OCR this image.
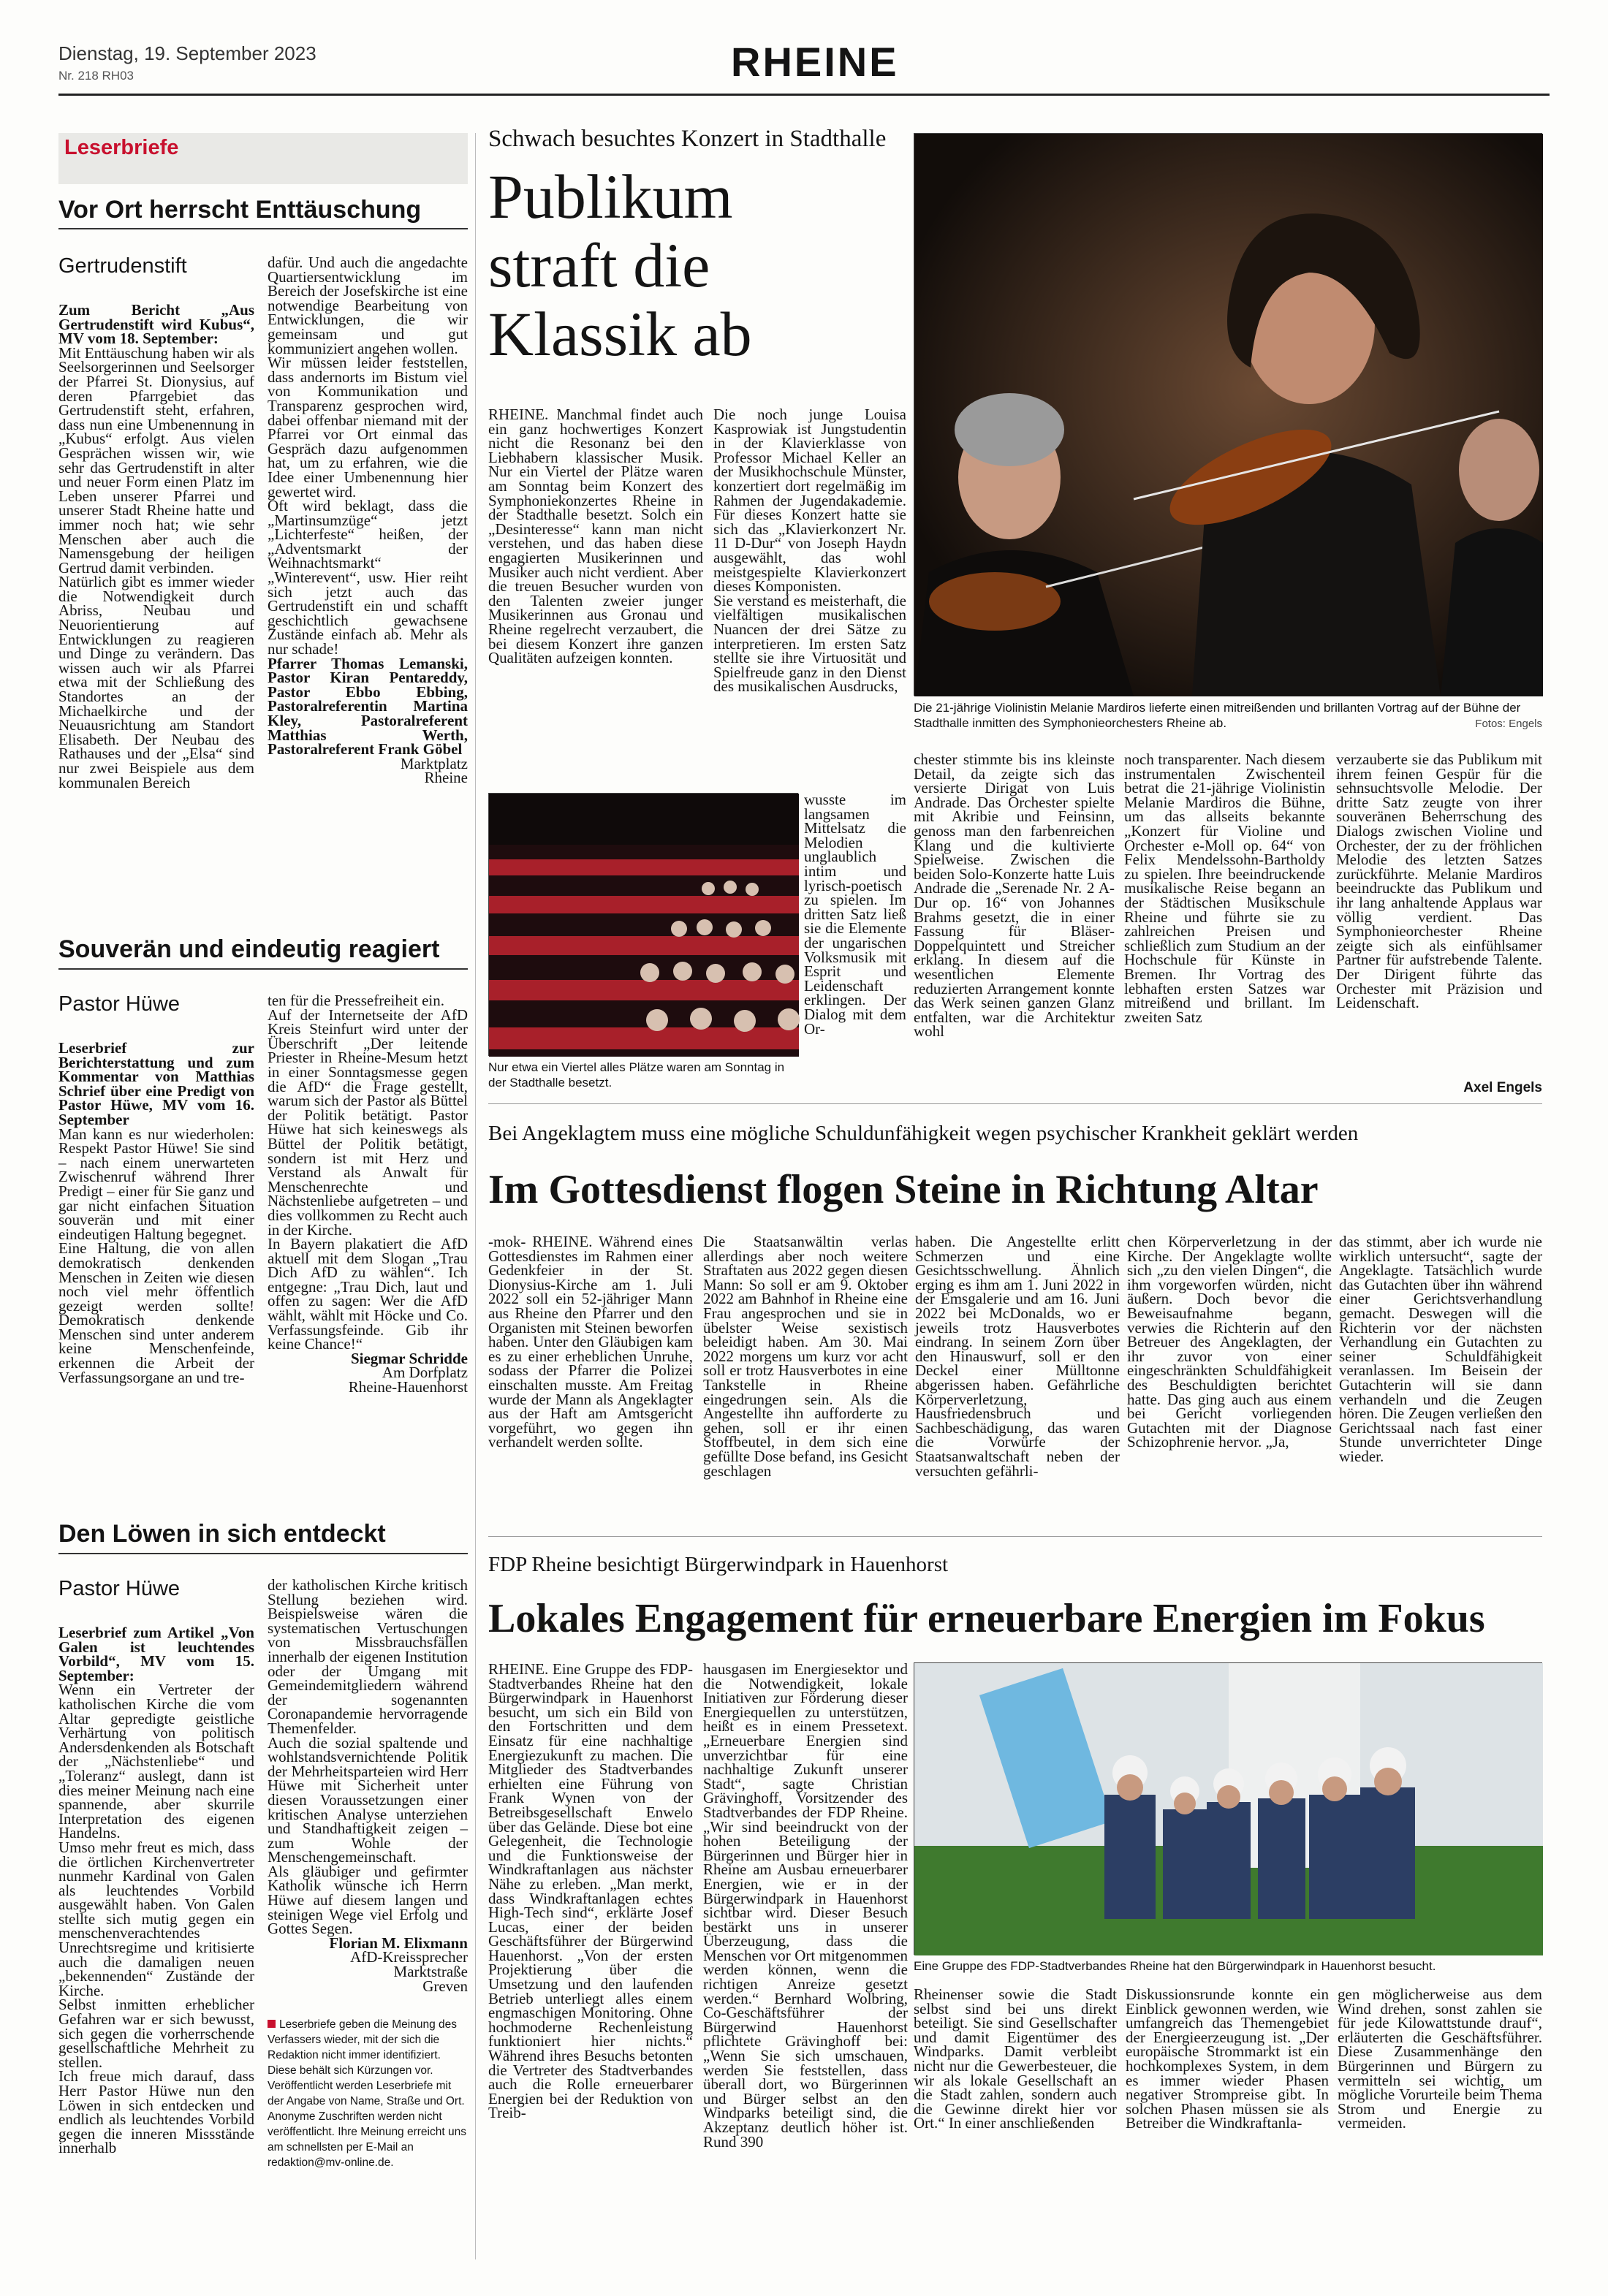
Dienstag, 19. September 2023
Nr. 218 RH03	RHEINE
Leserbriefe
Vor Ort herrscht Enttäuschung
Gertrudenstift

Zum Bericht „Aus Gertrudenstift wird Kubus“, MV vom 18. September:

Mit Enttäuschung haben wir als Seelsorgerinnen und Seelsorger der Pfarrei St. Dionysius, auf deren Pfarrgebiet das Gertrudenstift steht, erfahren, dass nun eine Umbenennung in „Kubus“ erfolgt. Aus vielen Gesprächen wissen wir, wie sehr das Gertrudenstift in alter und neuer Form einen Platz im Leben unserer Pfarrei und unserer Stadt Rheine hatte und immer noch hat; wie sehr Menschen aber auch die Namensgebung der heiligen Gertrud damit verbinden.

Natürlich gibt es immer wieder die Notwendigkeit durch Abriss, Neubau und Neuorientierung auf Entwicklungen zu reagieren und Dinge zu verändern. Das wissen auch wir als Pfarrei etwa mit der Schließung des Standortes an der Michaelkirche und der Neuausrichtung am Standort Elisabeth. Der Neubau des Rathauses und der „Elsa“ sind nur zwei Beispiele aus dem kommunalen Bereich

dafür. Und auch die angedachte Quartiersentwicklung im Bereich der Josefskirche ist eine notwendige Bearbeitung von Entwicklungen, die wir gemeinsam und gut kommuniziert angehen wollen.

Wir müssen leider feststellen, dass andernorts im Bistum viel von Kommunikation und Transparenz gesprochen wird, dabei offenbar niemand mit der Pfarrei vor Ort einmal das Gespräch dazu aufgenommen hat, um zu erfahren, wie die Idee einer Umbenennung hier gewertet wird.

Oft wird beklagt, dass die „Martinsumzüge“ jetzt „Lichterfeste“ heißen, der „Adventsmarkt der Weihnachtsmarkt“ „Winterevent“, usw. Hier reiht sich jetzt auch das Gertrudenstift ein und schafft geschichtlich gewachsene Zustände einfach ab. Mehr als nur schade!

Pfarrer Thomas Lemanski, Pastor Kiran Pentareddy, Pastor Ebbo Ebbing, Pastoralreferentin Martina Kley, Pastoralreferent Matthias Werth, Pastoralreferent Frank Göbel

Marktplatz

Rheine

Souverän und eindeutig reagiert
Pastor Hüwe

Leserbrief zur Berichterstattung und zum Kommentar von Matthias Schrief über eine Predigt von Pastor Hüwe, MV vom 16. September

Man kann es nur wiederholen: Respekt Pastor Hüwe! Sie sind – nach einem unerwarteten Zwischenruf während Ihrer Predigt – einer für Sie ganz und gar nicht einfachen Situation souverän und mit einer eindeutigen Haltung begegnet.

Eine Haltung, die von allen demokratisch denkenden Menschen in Zeiten wie diesen noch viel mehr öffentlich gezeigt werden sollte! Demokratisch denkende Menschen sind unter anderem keine Menschenfeinde, erkennen die Arbeit der Verfassungsorgane an und tre-

ten für die Pressefreiheit ein.

Auf der Internetseite der AfD Kreis Steinfurt wird unter der Überschrift „Der leitende Priester in Rheine-Mesum hetzt in einer Sonntagsmesse gegen die AfD“ die Frage gestellt, warum sich der Pastor als Büttel der Politik betätigt. Pastor Hüwe hat sich keineswegs als Büttel der Politik betätigt, sondern ist mit Herz und Verstand als Anwalt für Menschenrechte und Nächstenliebe aufgetreten – und dies vollkommen zu Recht auch in der Kirche.

In Bayern plakatiert die AfD aktuell mit dem Slogan „Trau Dich AfD zu wählen“. Ich entgegne: „Trau Dich, laut und offen zu sagen: Wer die AfD wählt, wählt mit Höcke und Co. Verfassungsfeinde. Gib ihr keine Chance!“

Siegmar Schridde

Am Dorfplatz

Rheine-Hauenhorst

Den Löwen in sich entdeckt
Pastor Hüwe

Leserbrief zum Artikel „Von Galen ist leuchtendes Vorbild“, MV vom 15. September:

Wenn ein Vertreter der katholischen Kirche die vom Altar gepredigte geistliche Verhärtung von politisch Andersdenkenden als Botschaft der „Nächstenliebe“ und „Toleranz“ auslegt, dann ist dies meiner Meinung nach eine spannende, aber skurrile Interpretation des eigenen Handelns.

Umso mehr freut es mich, dass die örtlichen Kirchenvertreter nunmehr Kardinal von Galen als leuchtendes Vorbild ausgewählt haben. Von Galen stellte sich mutig gegen ein menschenverachtendes Unrechtsregime und kritisierte auch die damaligen neuen „bekennenden“ Zustände der Kirche.

Selbst inmitten erheblicher Gefahren war er sich bewusst, sich gegen die vorherrschende gesellschaftliche Mehrheit zu stellen.

Ich freue mich darauf, dass Herr Pastor Hüwe nun den Löwen in sich entdecken und endlich als leuchtendes Vorbild gegen die inneren Missstände innerhalb

der katholischen Kirche kritisch Stellung beziehen wird. Beispielsweise wären die systematischen Vertuschungen von Missbrauchsfällen innerhalb der eigenen Institution oder der Umgang mit Gemeindemitgliedern während der sogenannten Coronapandemie hervorragende Themenfelder.

Auch die sozial spaltende und wohlstandsvernichtende Politik der Mehrheitsparteien wird Herr Hüwe mit Sicherheit unter diesen Voraussetzungen einer kritischen Analyse unterziehen und Standhaftigkeit zeigen – zum Wohle der Menschengemeinschaft.

Als gläubiger und gefirmter Katholik wünsche ich Herrn Hüwe auf diesem langen und steinigen Wege viel Erfolg und Gottes Segen.

Florian M. Elixmann

AfD-Kreissprecher

Marktstraße

Greven

Leserbriefe geben die Meinung des Verfassers wieder, mit der sich die Redaktion nicht immer identifiziert. Diese behält sich Kürzungen vor. Veröffentlicht werden Leserbriefe mit der Angabe von Name, Straße und Ort. Anonyme Zuschriften werden nicht veröffentlicht. Ihre Meinung erreicht uns am schnellsten per E-Mail an redaktion@mv-online.de.
Schwach besuchtes Konzert in Stadthalle
Publikum
straft die
Klassik ab
Die 21-jährige Violinistin Melanie Mardiros lieferte einen mitreißenden und brillanten Vortrag auf der Bühne der Stadthalle inmitten des Symphonieorchesters Rheine ab.	Fotos: Engels
RHEINE. Manchmal findet auch ein ganz hochwertiges Konzert nicht die Resonanz bei den Liebhabern klassischer Musik. Nur ein Viertel der Plätze waren am Sonntag beim Konzert des Symphoniekonzertes Rheine in der Stadthalle besetzt. Solch ein „Desinteresse“ kann man nicht verstehen, und das haben diese engagierten Musikerinnen und Musiker auch nicht verdient. Aber die treuen Besucher wurden von den Talenten zweier junger Musikerinnen aus Gronau und Rheine regelrecht verzaubert, die bei diesem Konzert ihre ganzen Qualitäten aufzeigen konnten.

Die noch junge Louisa Kasprowiak ist Jungstudentin in der Klavierklasse von Professor Michael Keller an der Musikhochschule Münster, konzertiert dort regelmäßig im Rahmen der Jugendakademie. Für dieses Konzert hatte sie sich das „Klavierkonzert Nr. 11 D-Dur“ von Joseph Haydn ausgewählt, das wohl meistgespielte Klavierkonzert dieses Komponisten.

Sie verstand es meisterhaft, die vielfältigen musikalischen Nuancen der drei Sätze zu interpretieren. Im ersten Satz stellte sie ihre Virtuosität und Spielfreude ganz in den Dienst des musikalischen Ausdrucks,

Nur etwa ein Viertel alles Plätze waren am Sonntag in der Stadthalle besetzt.
wusste im langsamen Mittelsatz die Melodien unglaublich intim und lyrisch-poetisch zu spielen. Im dritten Satz ließ sie die Elemente der ungarischen Volksmusik mit Esprit und Leidenschaft erklingen. Der Dialog mit dem Or-
chester stimmte bis ins kleinste Detail, da zeigte sich das versierte Dirigat von Luis Andrade. Das Orchester spielte mit Akribie und Feinsinn, genoss man den farbenreichen Klang und die kultivierte Spielweise. Zwischen die beiden Solo-Konzerte hatte Luis Andrade die „Serenade Nr. 2 A-Dur op. 16“ von Johannes Brahms gesetzt, die in einer Fassung für Bläser-Doppelquintett und Streicher erklang. In diesem auf die wesentlichen Elemente reduzierten Arrangement konnte das Werk seinen ganzen Glanz entfalten, war die Architektur wohl
noch transparenter. Nach diesem instrumentalen Zwischenteil betrat die 21-jährige Violinistin Melanie Mardiros die Bühne, um das allseits bekannte „Konzert für Violine und Orchester e-Moll op. 64“ von Felix Mendelssohn-Bartholdy zu spielen. Ihre beeindruckende musikalische Reise begann an der Städtischen Musikschule Rheine und führte sie zu zahlreichen Preisen und schließlich zum Studium an der Hochschule für Künste in Bremen. Ihr Vortrag des lebhaften ersten Satzes war mitreißend und brillant. Im zweiten Satz
verzauberte sie das Publikum mit ihrem feinen Gespür für die sehnsuchtsvolle Melodie. Der dritte Satz zeugte von ihrer souveränen Beherrschung des Dialogs zwischen Violine und Orchester, der zu der fröhlichen Melodie des letzten Satzes zurückführte. Melanie Mardiros beeindruckte das Publikum und ihr lang anhaltende Applaus war völlig verdient. Das Symphonieorchester Rheine zeigte sich als einfühlsamer Partner für aufstrebende Talente. Der Dirigent führte das Orchester mit Präzision und Leidenschaft.
Axel Engels
Bei Angeklagtem muss eine mögliche Schuldunfähigkeit wegen psychischer Krankheit geklärt werden
Im Gottesdienst flogen Steine in Richtung Altar
-mok- RHEINE. Während eines Gottesdienstes im Rahmen einer Gedenkfeier in der St. Dionysius-Kirche am 1. Juli 2022 soll ein 52-jähriger Mann aus Rheine den Pfarrer und den Organisten mit Steinen beworfen haben. Unter den Gläubigen kam es zu einer erheblichen Unruhe, sodass der Pfarrer die Polizei einschalten musste. Am Freitag wurde der Mann als Angeklagter aus der Haft am Amtsgericht vorgeführt, wo gegen ihn verhandelt werden sollte.
Die Staatsanwältin verlas allerdings aber noch weitere Straftaten aus 2022 gegen diesen Mann: So soll er am 9. Oktober 2022 am Bahnhof in Rheine eine Frau angesprochen und sie in übelster Weise sexistisch beleidigt haben. Am 30. Mai 2022 morgens um kurz vor acht soll er trotz Hausverbotes in eine Tankstelle in Rheine eingedrungen sein. Als die Angestellte ihn aufforderte zu gehen, soll er ihr einen Stoffbeutel, in dem sich eine gefüllte Dose befand, ins Gesicht geschlagen
haben. Die Angestellte erlitt Schmerzen und eine Gesichtsschwellung. Ähnlich erging es ihm am 1. Juni 2022 in der Emsgalerie und am 16. Juni 2022 bei McDonalds, wo er jeweils trotz Hausverbotes eindrang. In seinem Zorn über den Hinauswurf, soll er den Deckel einer Mülltonne abgerissen haben. Gefährliche Körperverletzung, Hausfriedensbruch und Sachbeschädigung, das waren die Vorwürfe der Staatsanwaltschaft neben der versuchten gefährli-
chen Körperverletzung in der Kirche. Der Angeklagte wollte sich „zu den vielen Dingen“, die ihm vorgeworfen würden, nicht äußern. Doch bevor die Beweisaufnahme begann, verwies die Richterin auf den Betreuer des Angeklagten, der ihr zuvor von einer eingeschränkten Schuldfähigkeit des Beschuldigten berichtet hatte. Das ging auch aus einem bei Gericht vorliegenden Gutachten mit der Diagnose Schizophrenie hervor. „Ja,
das stimmt, aber ich wurde nie wirklich untersucht“, sagte der Angeklagte. Tatsächlich wurde das Gutachten über ihn während einer Gerichtsverhandlung gemacht. Deswegen will die Richterin vor der nächsten Verhandlung ein Gutachten zu seiner Schuldfähigkeit veranlassen. Im Beisein der Gutachterin will sie dann verhandeln und die Zeugen hören. Die Zeugen verließen den Gerichtssaal nach fast einer Stunde unverrichteter Dinge wieder.
FDP Rheine besichtigt Bürgerwindpark in Hauenhorst
Lokales Engagement für erneuerbare Energien im Fokus
RHEINE. Eine Gruppe des FDP-Stadtverbandes Rheine hat den Bürgerwindpark in Hauenhorst besucht, um sich ein Bild von den Fortschritten und dem Einsatz für eine nachhaltige Energiezukunft zu machen. Die Mitglieder des Stadtverbandes erhielten eine Führung von Frank Wynen von der Betreibsgesellschaft Enwelo über das Gelände. Diese bot eine Gelegenheit, die Technologie und die Funktionsweise der Windkraftanlagen aus nächster Nähe zu erleben. „Man merkt, dass Windkraftanlagen echtes High-Tech sind“, erklärte Josef Lucas, einer der beiden Geschäftsführer der Bürgerwind Hauenhorst. „Von der ersten Projektierung über die Umsetzung und den laufenden Betrieb unterliegt alles einem engmaschigen Monitoring. Ohne hochmoderne Rechenleistung funktioniert hier nichts.“ Während ihres Besuchs betonten die Vertreter des Stadtverbandes auch die Rolle erneuerbarer Energien bei der Reduktion von Treib-
hausgasen im Energiesektor und die Notwendigkeit, lokale Initiativen zur Förderung dieser Energiequellen zu unterstützen, heißt es in einem Pressetext. „Erneuerbare Energien sind unverzichtbar für eine nachhaltige Zukunft unserer Stadt“, sagte Christian Grävinghoff, Vorsitzender des Stadtverbandes der FDP Rheine. „Wir sind beeindruckt von der hohen Beteiligung der Bürgerinnen und Bürger hier in Rheine am Ausbau erneuerbarer Energien, wie er in der Bürgerwindpark in Hauenhorst sichtbar wird. Dieser Besuch bestärkt uns in unserer Überzeugung, dass die Menschen vor Ort mitgenommen werden können, wenn die richtigen Anreize gesetzt werden.“ Bernhard Wolbring, Co-Geschäftsführer der Bürgerwind Hauenhorst pflichtete Grävinghoff bei: „Wenn Sie sich umschauen, werden Sie feststellen, dass überall dort, wo Bürgerinnen und Bürger selbst an den Windparks beteiligt sind, die Akzeptanz deutlich höher ist. Rund 390
Eine Gruppe des FDP-Stadtverbandes Rheine hat den Bürgerwindpark in Hauenhorst besucht.
Rheinenser sowie die Stadt selbst sind bei uns direkt beteiligt. Sie sind Gesellschafter und damit Eigentümer des Windparks. Damit verbleibt nicht nur die Gewerbesteuer, die wir als lokale Gesellschaft an die Stadt zahlen, sondern auch die Gewinne direkt hier vor Ort.“ In einer anschließenden
Diskussionsrunde konnte ein Einblick gewonnen werden, wie umfangreich das Themengebiet der Energieerzeugung ist. „Der europäische Strommarkt ist ein hochkomplexes System, in dem es immer wieder Phasen negativer Strompreise gibt. In solchen Phasen müssen sie als Betreiber die Windkraftanla-
gen möglicherweise aus dem Wind drehen, sonst zahlen sie für jede Kilowattstunde drauf“, erläuterten die Geschäftsführer. Diese Zusammenhänge den Bürgerinnen und Bürgern zu vermitteln sei wichtig, um mögliche Vorurteile beim Thema Strom und Energie zu vermeiden.
